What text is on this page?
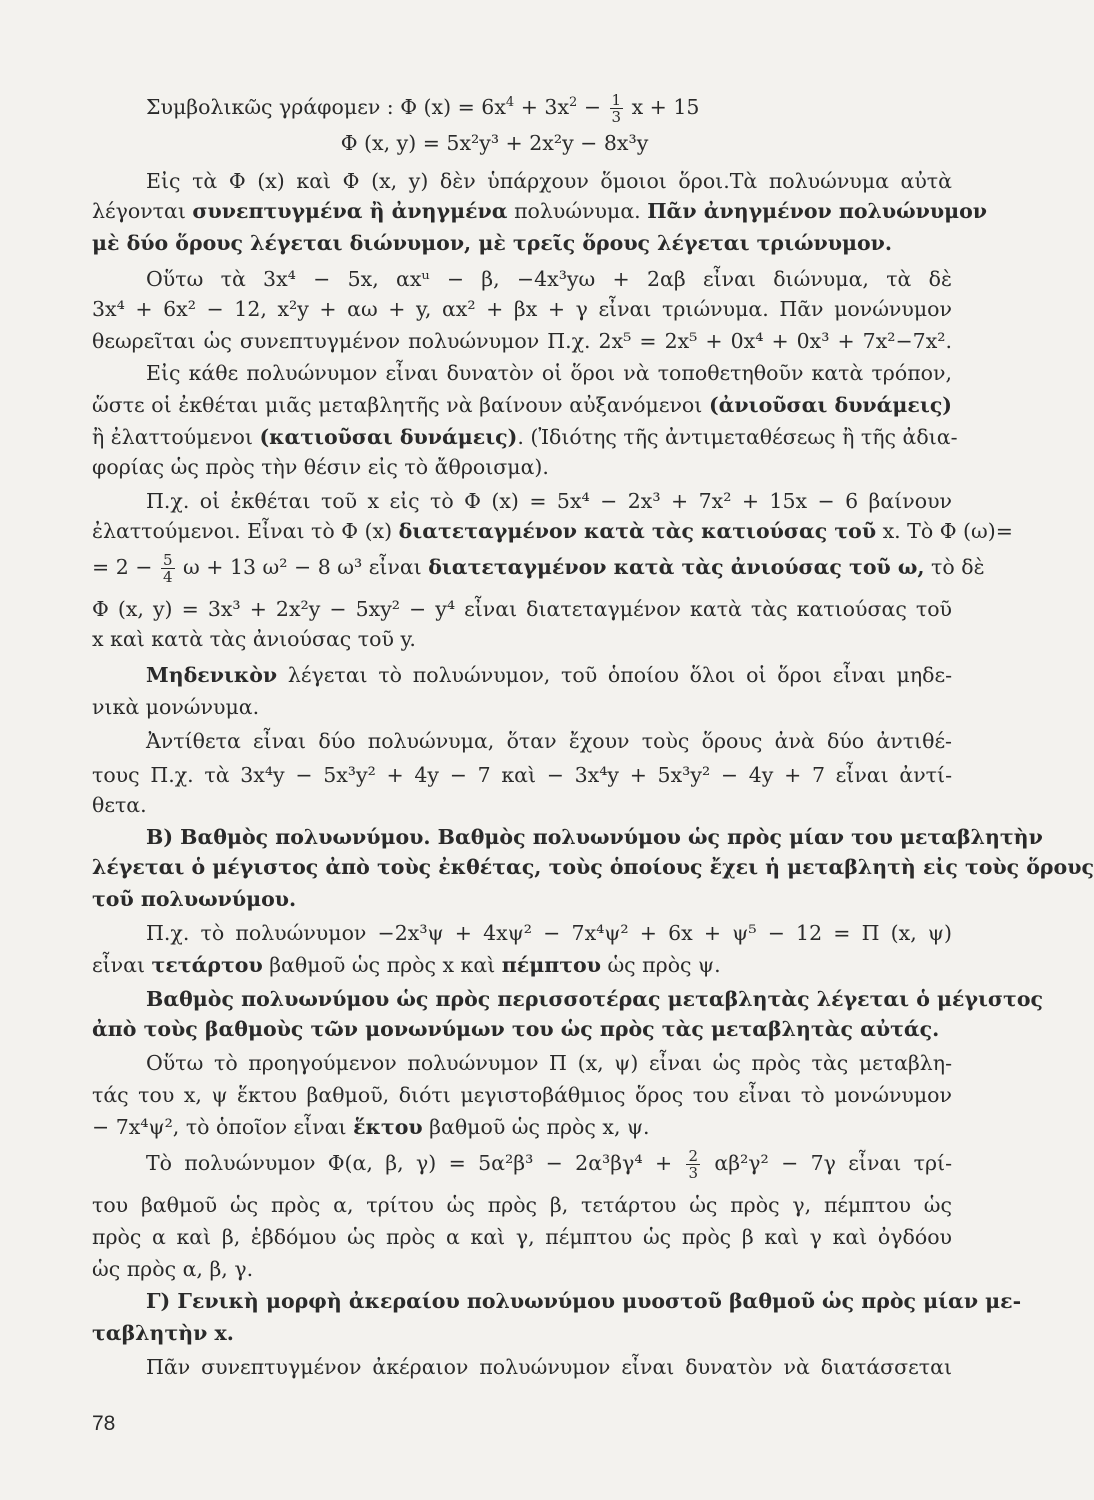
Συμβολικῶς γράφομεν : Φ $(x) = 6x^4 + 3x^2 - \frac{1}{3}$ x + 15
Φ (x, y) = 5x²y³ + 2x²y − 8x³y
Εἰς τὰ Φ (x) καὶ Φ (x, y) δὲν ὑπάρχουν ὅμοιοι ὅροι.Τὰ πολυώνυμα αὐτὰ
λέγονται συνεπτυγμένα ἢ ἀνηγμένα πολυώνυμα. Πᾶν ἀνηγμένον πολυώνυμον
μὲ δύο ὅρους λέγεται διώνυμον, μὲ τρεῖς ὅρους λέγεται τριώνυμον.
Οὕτω τὰ 3x⁴ − 5x, αxᵘ − β, −4x³yω + 2αβ εἶναι διώνυμα, τὰ δὲ
3x⁴ + 6x² − 12, x²y + αω + y, αx² + βx + γ εἶναι τριώνυμα. Πᾶν μονώνυμον
θεωρεῖται ὡς συνεπτυγμένον πολυώνυμον Π.χ. 2x⁵ = 2x⁵ + 0x⁴ + 0x³ + 7x²−7x².
Εἰς κάθε πολυώνυμον εἶναι δυνατὸν οἱ ὅροι νὰ τοποθετηθοῦν κατὰ τρόπον,
ὥστε οἱ ἐκθέται μιᾶς μεταβλητῆς νὰ βαίνουν αὐξανόμενοι (ἀνιοῦσαι δυνάμεις)
ἢ ἐλαττούμενοι (κατιοῦσαι δυνάμεις). (Ἰδιότης τῆς ἀντιμεταθέσεως ἢ τῆς ἀδια-
φορίας ὡς πρὸς τὴν θέσιν εἰς τὸ ἄθροισμα).
Π.χ. οἱ ἐκθέται τοῦ x εἰς τὸ Φ (x) = 5x⁴ − 2x³ + 7x² + 15x − 6 βαίνουν
ἐλαττούμενοι. Εἶναι τὸ Φ (x) διατεταγμένον κατὰ τὰς κατιούσας τοῦ x. Τὸ Φ (ω)=
= $2 - \frac{5}{4}$ ω + 13 ω² − 8 ω³ εἶναι διατεταγμένον κατὰ τὰς ἀνιούσας τοῦ ω, τὸ δὲ
Φ (x, y) = 3x³ + 2x²y − 5xy² − y⁴ εἶναι διατεταγμένον κατὰ τὰς κατιούσας τοῦ
x καὶ κατὰ τὰς ἀνιούσας τοῦ y.
Μηδενικὸν λέγεται τὸ πολυώνυμον, τοῦ ὁποίου ὅλοι οἱ ὅροι εἶναι μηδε-
νικὰ μονώνυμα.
Ἀντίθετα εἶναι δύο πολυώνυμα, ὅταν ἔχουν τοὺς ὅρους ἀνὰ δύο ἀντιθέ-
τους Π.χ. τὰ 3x⁴y − 5x³y² + 4y − 7 καὶ − 3x⁴y + 5x³y² − 4y + 7 εἶναι ἀντί-
θετα.
Β) Βαθμὸς πολυωνύμου. Βαθμὸς πολυωνύμου ὡς πρὸς μίαν του μεταβλητὴν
λέγεται ὁ μέγιστος ἀπὸ τοὺς ἐκθέτας, τοὺς ὁποίους ἔχει ἡ μεταβλητὴ εἰς τοὺς ὅρους
τοῦ πολυωνύμου.
Π.χ. τὸ πολυώνυμον −2x³ψ + 4xψ² − 7x⁴ψ² + 6x + ψ⁵ − 12 = Π (x, ψ)
εἶναι τετάρτου βαθμοῦ ὡς πρὸς x καὶ πέμπτου ὡς πρὸς ψ.
Βαθμὸς πολυωνύμου ὡς πρὸς περισσοτέρας μεταβλητὰς λέγεται ὁ μέγιστος
ἀπὸ τοὺς βαθμοὺς τῶν μονωνύμων του ὡς πρὸς τὰς μεταβλητὰς αὐτάς.
Οὕτω τὸ προηγούμενον πολυώνυμον Π (x, ψ) εἶναι ὡς πρὸς τὰς μεταβλη-
τάς του x, ψ ἕκτου βαθμοῦ, διότι μεγιστοβάθμιος ὅρος του εἶναι τὸ μονώνυμον
− 7x⁴ψ², τὸ ὁποῖον εἶναι ἕκτου βαθμοῦ ὡς πρὸς x, ψ.
Τὸ πολυώνυμον Φ(α, β, $\gamma) = 5\alpha^2\beta^3 - 2\alpha^3\beta\gamma^4 + \frac{2}{3} \alpha\beta^2\gamma^2 - 7\gamma$ εἶναι τρί-
του βαθμοῦ ὡς πρὸς α, τρίτου ὡς πρὸς β, τετάρτου ὡς πρὸς γ, πέμπτου ὡς
πρὸς α καὶ β, ἑβδόμου ὡς πρὸς α καὶ γ, πέμπτου ὡς πρὸς β καὶ γ καὶ ὀγδόου
ὡς πρὸς α, β, γ.
Γ) Γενικὴ μορφὴ ἀκεραίου πολυωνύμου μυοστοῦ βαθμοῦ ὡς πρὸς μίαν με-
ταβλητὴν x.
Πᾶν συνεπτυγμένον ἀκέραιον πολυώνυμον εἶναι δυνατὸν νὰ διατάσσεται
78
